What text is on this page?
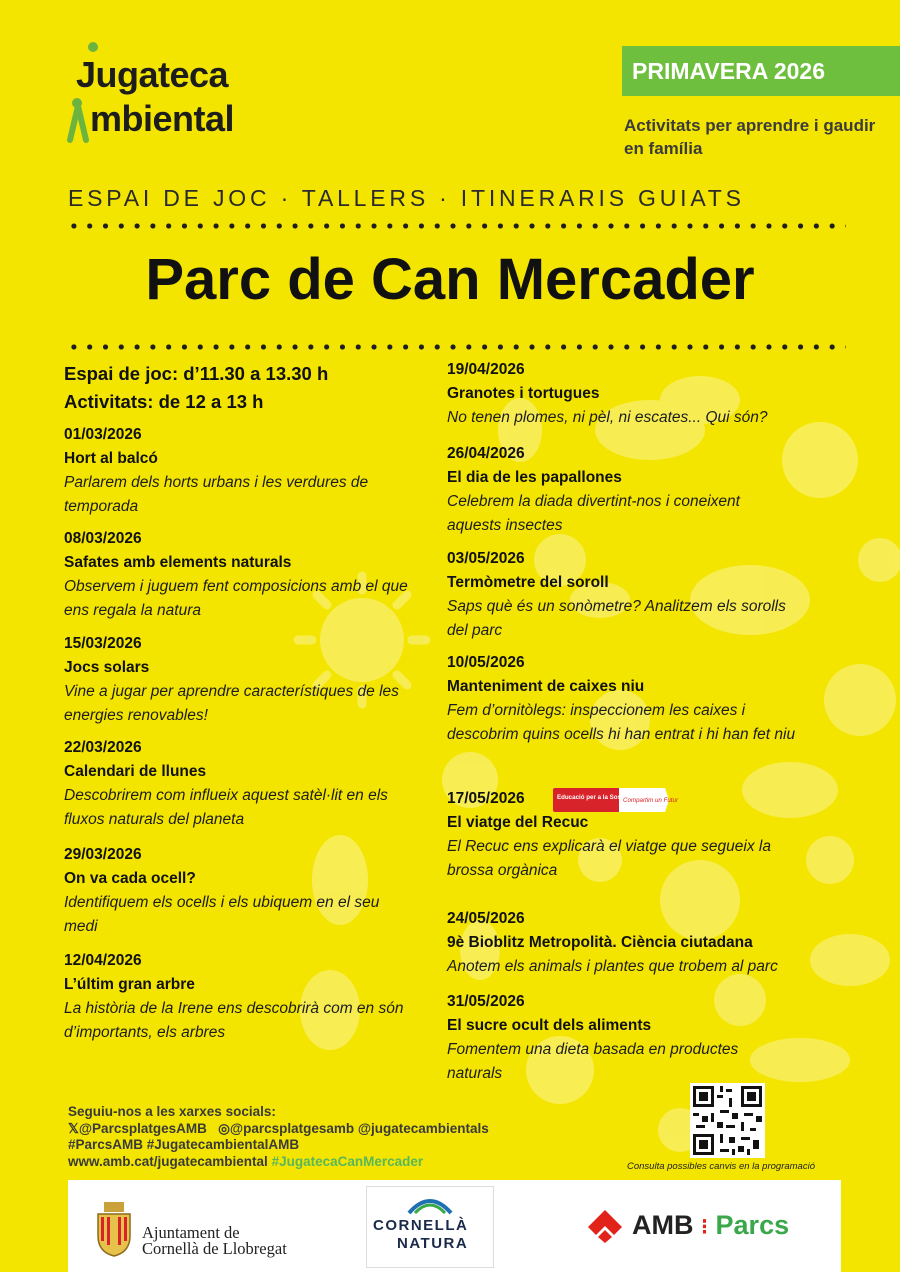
Jugateca
mbiental
PRIMAVERA 2026
Activitats per aprendre i gaudir en família
ESPAI DE JOC · TALLERS · ITINERARIS GUIATS
Parc de Can Mercader
Espai de joc: d’11.30 a 13.30 h
Activitats: de 12 a 13 h
01/03/2026
Hort al balcó
Parlarem dels horts urbans i les verdures de temporada
08/03/2026
Safates amb elements naturals
Observem i juguem fent composicions amb el que ens regala la natura
15/03/2026
Jocs solars
Vine a jugar per aprendre característiques de les energies renovables!
22/03/2026
Calendari de llunes
Descobrirem com influeix aquest satèl·lit en els fluxos naturals del planeta
29/03/2026
On va cada ocell?
Identifiquem els ocells i els ubiquem en el seu medi
12/04/2026
L’últim gran arbre
La història de la Irene ens descobrirà com en són d’importants, els arbres
19/04/2026
Granotes i tortugues
No tenen plomes, ni pèl, ni escates... Qui són?
26/04/2026
El dia de les papallones
Celebrem la diada divertint-nos i coneixent aquests insectes
03/05/2026
Termòmetre del soroll
Saps què és un sonòmetre? Analitzem els sorolls del parc
10/05/2026
Manteniment de caixes niu
Fem d’ornitòlegs: inspeccionem les caixes i descobrim quins ocells hi han entrat i hi han fet niu
17/05/2026	Educació per a la Sostenibilitat
Compartim un Futur
El viatge del Recuc
El Recuc ens explicarà el viatge que segueix la brossa orgànica
24/05/2026
9è Bioblitz Metropolità. Ciència ciutadana
Anotem els animals i plantes que trobem al parc
31/05/2026
El sucre ocult dels aliments
Fomentem una dieta basada en productes naturals
Seguiu-nos a les xarxes socials:
𝕏@ParcsplatgesAMB ◎@parcsplatgesamb @jugatecambientals
#ParcsAMB #JugatecambientalAMB
www.amb.cat/jugatecambiental #JugatecaCanMercader	Consulta possibles canvis en la programació
Ajuntament de
Cornellà de Llobregat
CORNELLÀ
NATURA
AMB ⁝ Parcs
